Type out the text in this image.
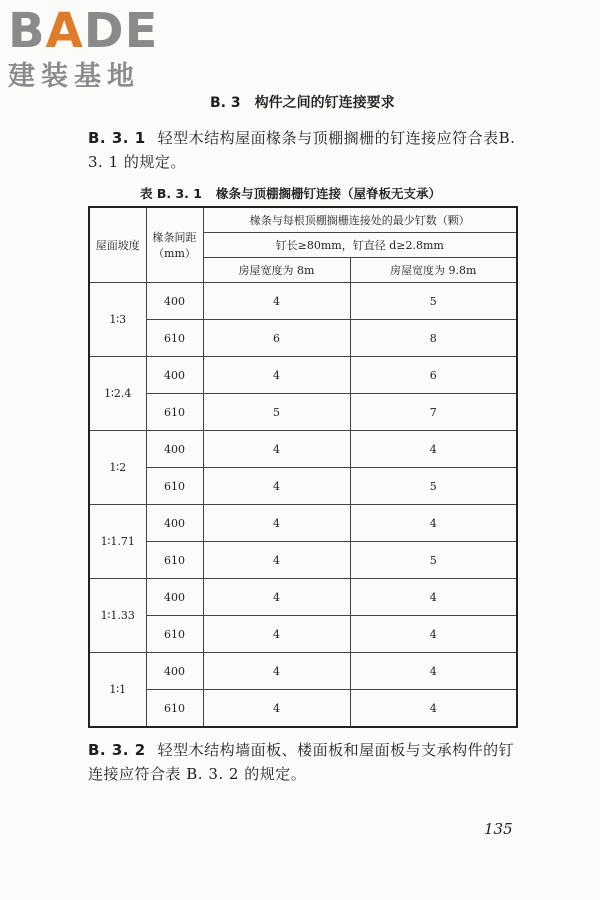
BADE
建装基地
B. 3　构件之间的钉连接要求
B. 3. 1 轻型木结构屋面椽条与顶棚搁栅的钉连接应符合表B. 3. 1 的规定。
表 B. 3. 1 椽条与顶棚搁栅钉连接（屋脊板无支承）
屋面坡度	椽条间距（mm）	椽条与每根顶棚搁栅连接处的最少钉数（颗）	
		钉长≥80mm，钉直径 d≥2.8mm	
		房屋宽度为 8m	房屋宽度为 9.8m
1∶3	400	4	5
	610	6	8
1∶2.4	400	4	6
	610	5	7
1∶2	400	4	4
	610	4	5
1∶1.71	400	4	4
	610	4	5
1∶1.33	400	4	4
	610	4	4
1∶1	400	4	4
	610	4	4
B. 3. 2 轻型木结构墙面板、楼面板和屋面板与支承构件的钉连接应符合表 B. 3. 2 的规定。
135
